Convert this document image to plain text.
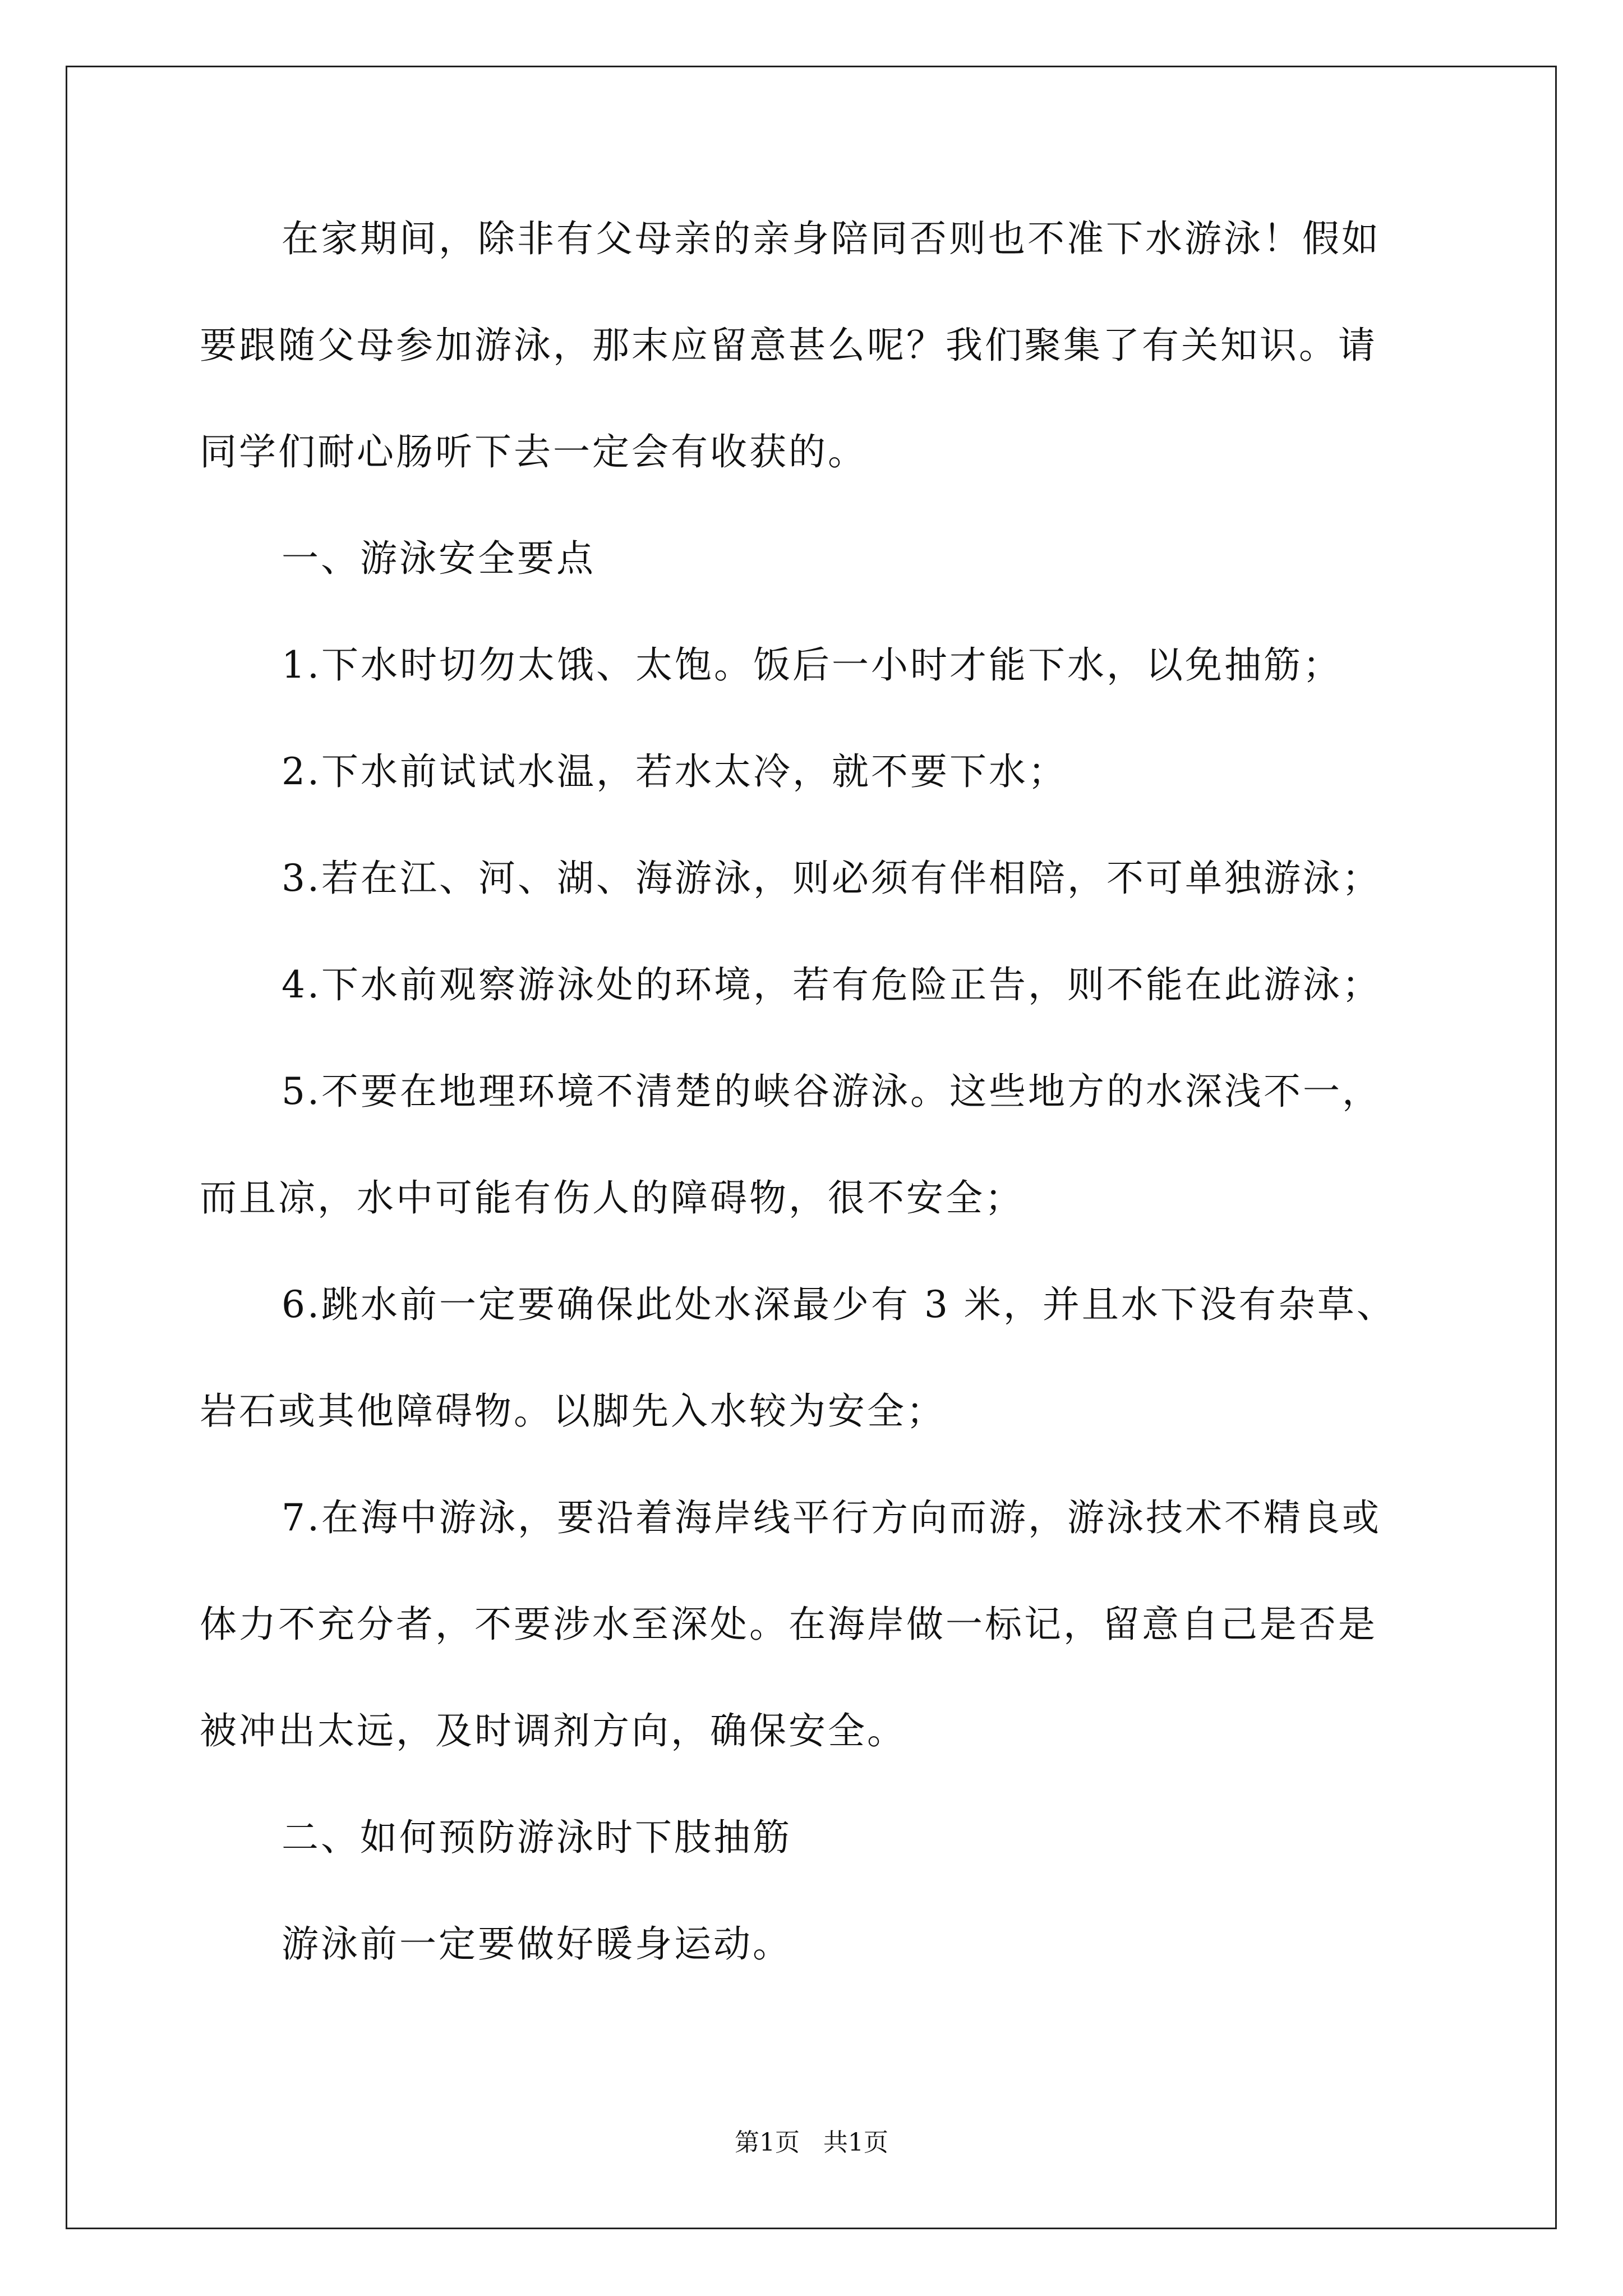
在家期间，除非有父母亲的亲身陪同否则也不准下水游泳！假如
要跟随父母参加游泳，那末应留意甚么呢？我们聚集了有关知识。请
同学们耐心肠听下去一定会有收获的。
一、游泳安全要点
1.下水时切勿太饿、太饱。饭后一小时才能下水，以免抽筋；
2.下水前试试水温，若水太冷，就不要下水；
3.若在江、河、湖、海游泳，则必须有伴相陪，不可单独游泳；
4.下水前观察游泳处的环境，若有危险正告，则不能在此游泳；
5.不要在地理环境不清楚的峡谷游泳。这些地方的水深浅不一，
而且凉，水中可能有伤人的障碍物，很不安全；
6.跳水前一定要确保此处水深最少有 3 米，并且水下没有杂草、
岩石或其他障碍物。以脚先入水较为安全；
7.在海中游泳，要沿着海岸线平行方向而游，游泳技术不精良或
体力不充分者，不要涉水至深处。在海岸做一标记，留意自己是否是
被冲出太远，及时调剂方向，确保安全。
二、如何预防游泳时下肢抽筋
游泳前一定要做好暖身运动。
第1页   共1页
